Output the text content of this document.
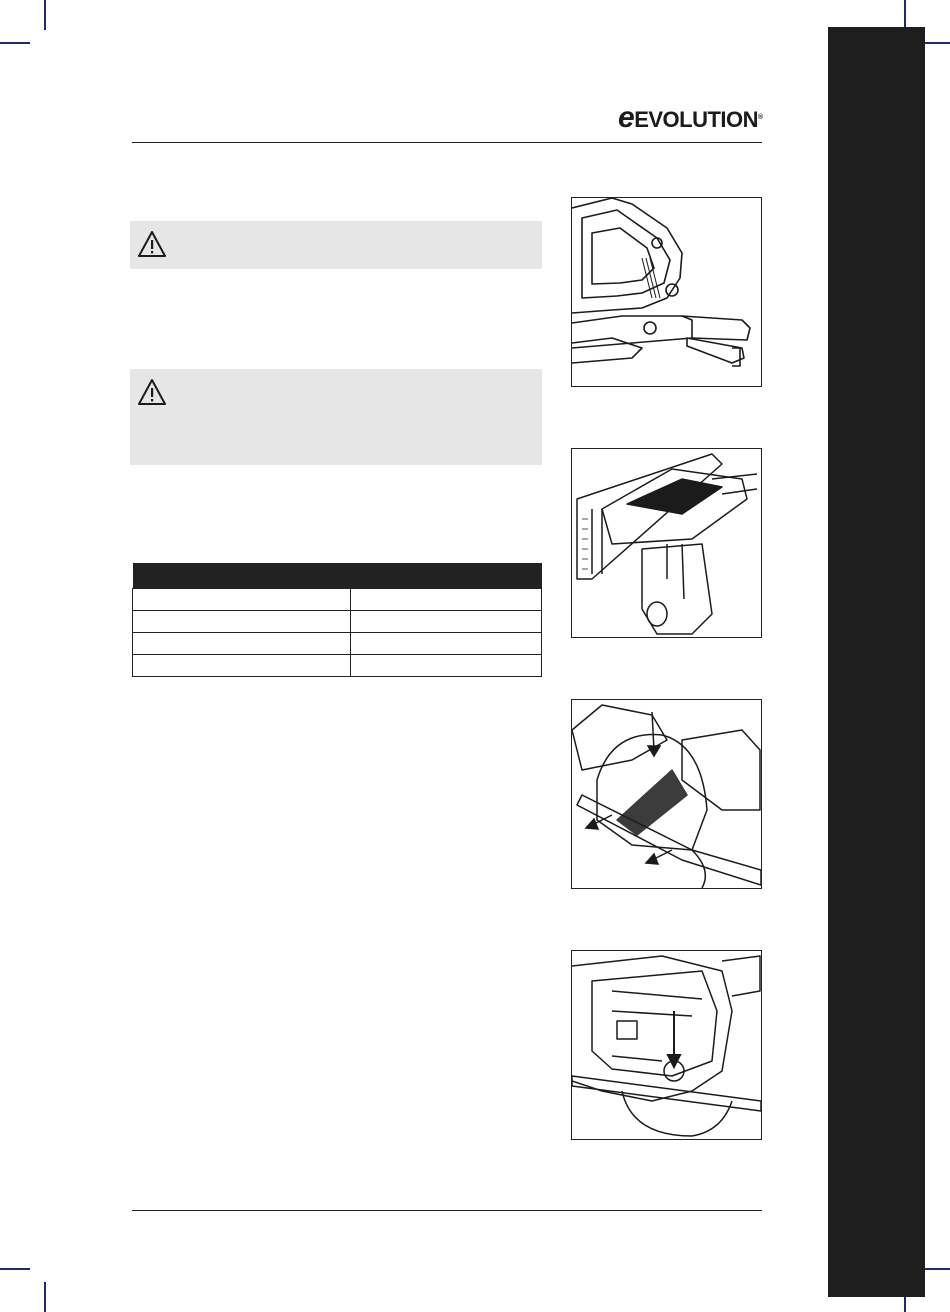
eEVOLUTION®
